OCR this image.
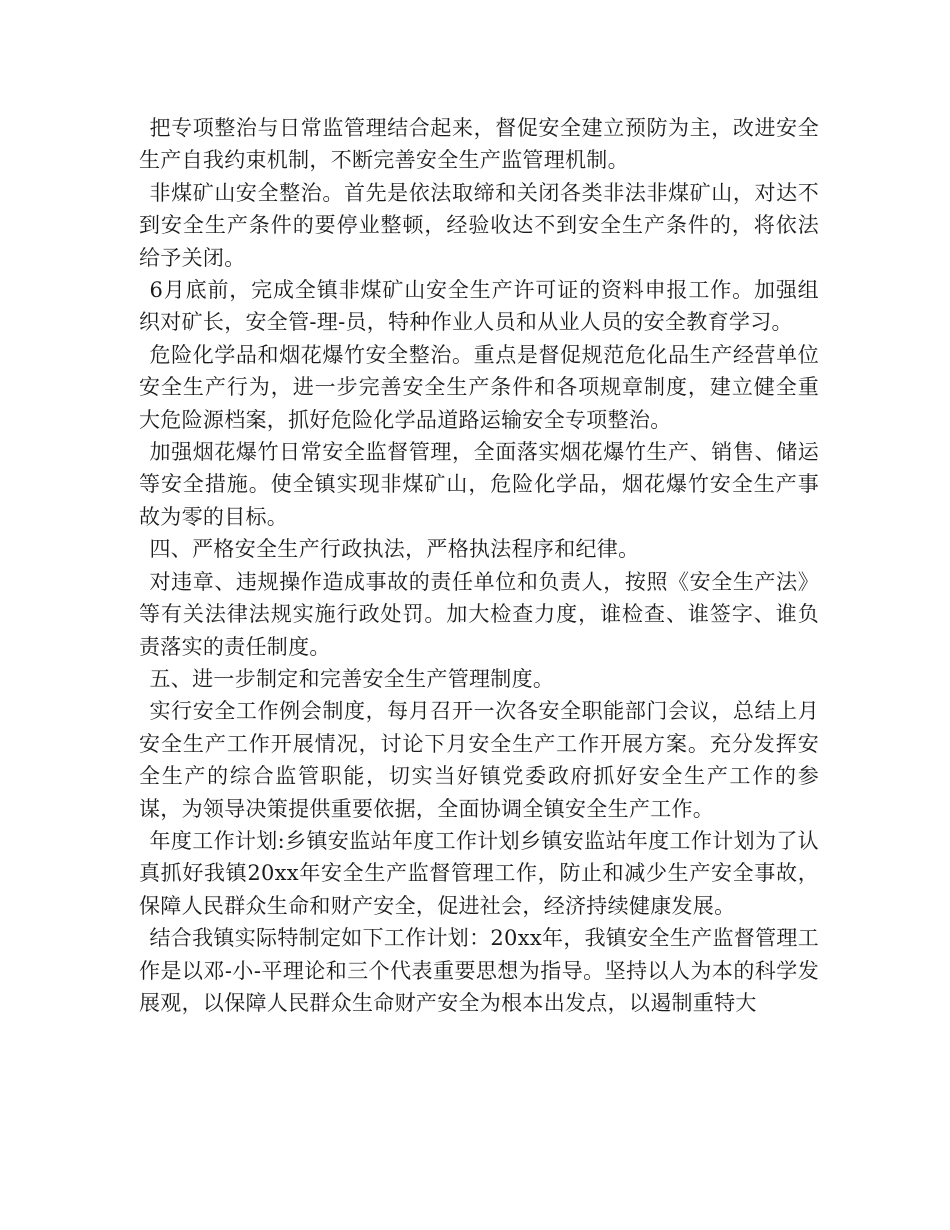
把专项整治与日常监管理结合起来，督促安全建立预防为主，改进安全生产自我约束机制，不断完善安全生产监管理机制。

非煤矿山安全整治。首先是依法取缔和关闭各类非法非煤矿山，对达不到安全生产条件的要停业整顿，经验收达不到安全生产条件的，将依法给予关闭。

6月底前，完成全镇非煤矿山安全生产许可证的资料申报工作。加强组织对矿长，安全管-理-员，特种作业人员和从业人员的安全教育学习。

危险化学品和烟花爆竹安全整治。重点是督促规范危化品生产经营单位安全生产行为，进一步完善安全生产条件和各项规章制度，建立健全重大危险源档案，抓好危险化学品道路运输安全专项整治。

加强烟花爆竹日常安全监督管理，全面落实烟花爆竹生产、销售、储运等安全措施。使全镇实现非煤矿山，危险化学品，烟花爆竹安全生产事故为零的目标。

四、严格安全生产行政执法，严格执法程序和纪律。

对违章、违规操作造成事故的责任单位和负责人，按照《安全生产法》等有关法律法规实施行政处罚。加大检查力度，谁检查、谁签字、谁负责落实的责任制度。

五、进一步制定和完善安全生产管理制度。

实行安全工作例会制度，每月召开一次各安全职能部门会议，总结上月安全生产工作开展情况，讨论下月安全生产工作开展方案。充分发挥安全生产的综合监管职能，切实当好镇党委政府抓好安全生产工作的参谋，为领导决策提供重要依据，全面协调全镇安全生产工作。

年度工作计划:乡镇安监站年度工作计划乡镇安监站年度工作计划为了认真抓好我镇20xx年安全生产监督管理工作，防止和减少生产安全事故，保障人民群众生命和财产安全，促进社会，经济持续健康发展。

结合我镇实际特制定如下工作计划：20xx年，我镇安全生产监督管理工作是以邓-小-平理论和三个代表重要思想为指导。坚持以人为本的科学发展观，以保障人民群众生命财产安全为根本出发点，以遏制重特大
